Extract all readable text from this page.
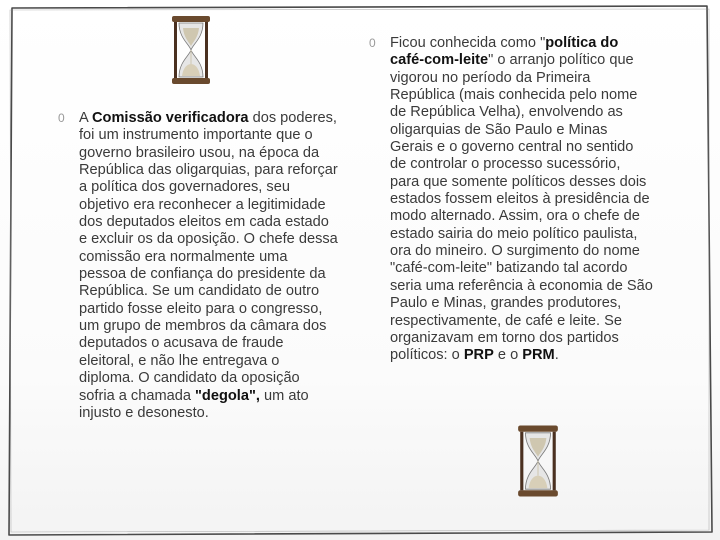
0 A Comissão verificadora dos poderes, foi um instrumento importante que o governo brasileiro usou, na época da República das oligarquias, para reforçar a política dos governadores, seu objetivo era reconhecer a legitimidade dos deputados eleitos em cada estado e excluir os da oposição. O chefe dessa comissão era normalmente uma pessoa de confiança do presidente da República. Se um candidato de outro partido fosse eleito para o congresso, um grupo de membros da câmara dos deputados o acusava de fraude eleitoral, e não lhe entregava o diploma. O candidato da oposição sofria a chamada "degola", um ato injusto e desonesto.

0 Ficou conhecida como "política do café-com-leite" o arranjo político que vigorou no período da Primeira República (mais conhecida pelo nome de República Velha), envolvendo as oligarquias de São Paulo e Minas Gerais e o governo central no sentido de controlar o processo sucessório, para que somente políticos desses dois estados fossem eleitos à presidência de modo alternado. Assim, ora o chefe de estado sairia do meio político paulista, ora do mineiro. O surgimento do nome "café-com-leite" batizando tal acordo seria uma referência à economia de São Paulo e Minas, grandes produtores, respectivamente, de café e leite. Se organizavam em torno dos partidos políticos: o PRP e o PRM.
